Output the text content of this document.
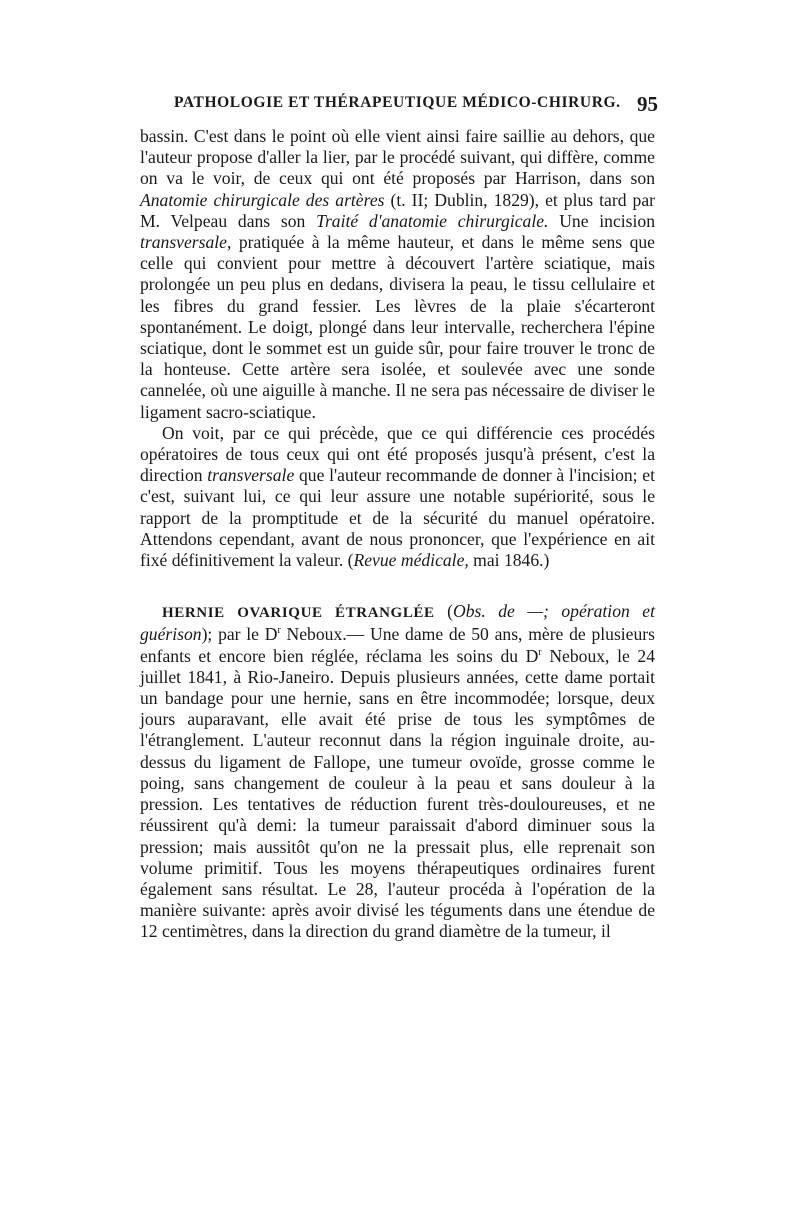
PATHOLOGIE ET THÉRAPEUTIQUE MÉDICO-CHIRURG. 95

bassin. C'est dans le point où elle vient ainsi faire saillie au dehors, que l'auteur propose d'aller la lier, par le procédé suivant, qui diffère, comme on va le voir, de ceux qui ont été proposés par Harrison, dans son Anatomie chirurgicale des artères (t. II; Dublin, 1829), et plus tard par M. Velpeau dans son Traité d'anatomie chirurgicale. Une incision transversale, pratiquée à la même hauteur, et dans le même sens que celle qui convient pour mettre à découvert l'artère sciatique, mais prolongée un peu plus en dedans, divisera la peau, le tissu cellulaire et les fibres du grand fessier. Les lèvres de la plaie s'écarteront spontanément. Le doigt, plongé dans leur intervalle, recherchera l'épine sciatique, dont le sommet est un guide sûr, pour faire trouver le tronc de la honteuse. Cette artère sera isolée, et soulevée avec une sonde cannelée, où une aiguille à manche. Il ne sera pas nécessaire de diviser le ligament sacro-sciatique.

On voit, par ce qui précède, que ce qui différencie ces procédés opératoires de tous ceux qui ont été proposés jusqu'à présent, c'est la direction transversale que l'auteur recommande de donner à l'incision; et c'est, suivant lui, ce qui leur assure une notable supériorité, sous le rapport de la promptitude et de la sécurité du manuel opératoire. Attendons cependant, avant de nous prononcer, que l'expérience en ait fixé définitivement la valeur. (Revue médicale, mai 1846.)

HERNIE OVARIQUE ÉTRANGLÉE (Obs. de —; opération et guérison); par le $D^r$ Neboux.— Une dame de 50 ans, mère de plusieurs enfants et encore bien réglée, réclama les soins du $D^r$ Neboux, le 24 juillet 1841, à Rio-Janeiro. Depuis plusieurs années, cette dame portait un bandage pour une hernie, sans en être incommodée; lorsque, deux jours auparavant, elle avait été prise de tous les symptômes de l'étranglement. L'auteur reconnut dans la région inguinale droite, au-dessus du ligament de Fallope, une tumeur ovoïde, grosse comme le poing, sans changement de couleur à la peau et sans douleur à la pression. Les tentatives de réduction furent très-douloureuses, et ne réussirent qu'à demi: la tumeur paraissait d'abord diminuer sous la pression; mais aussitôt qu'on ne la pressait plus, elle reprenait son volume primitif. Tous les moyens thérapeutiques ordinaires furent également sans résultat. Le 28, l'auteur procéda à l'opération de la manière suivante: après avoir divisé les téguments dans une étendue de 12 centimètres, dans la direction du grand diamètre de la tumeur, il
